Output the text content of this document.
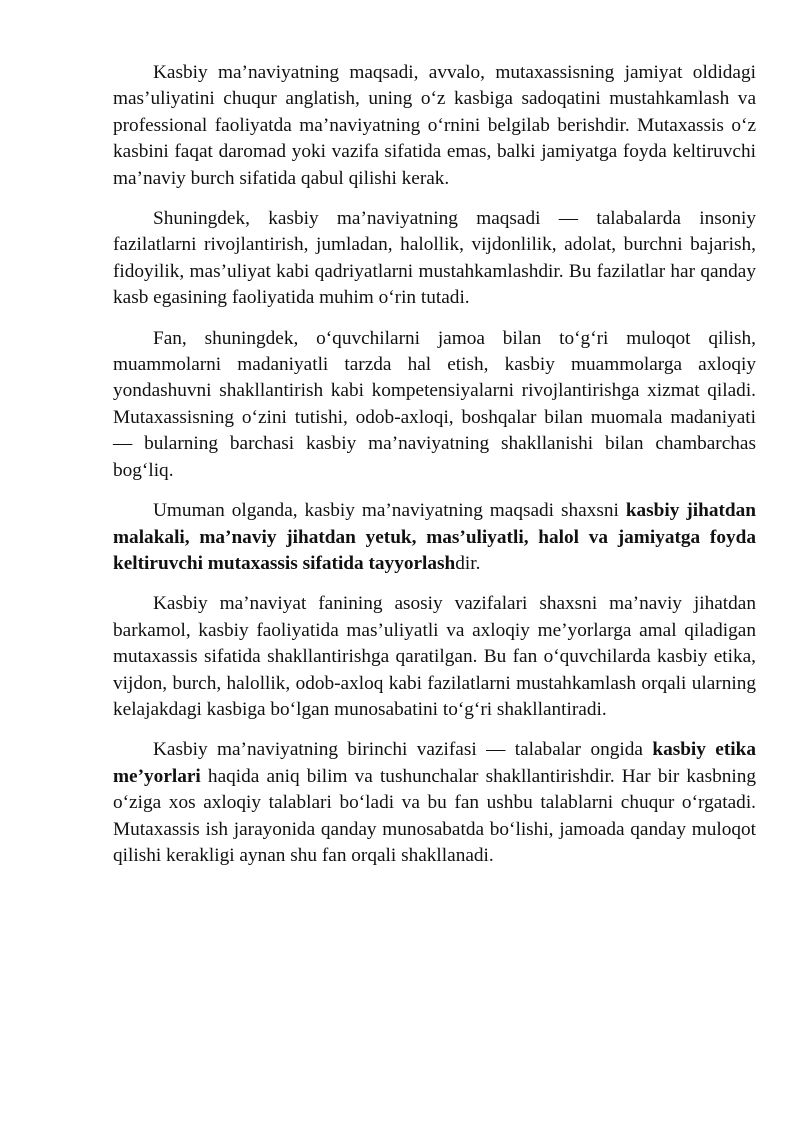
Kasbiy ma’naviyatning maqsadi, avvalo, mutaxassisning jamiyat oldidagi mas’uliyatini chuqur anglatish, uning o‘z kasbiga sadoqatini mustahkamlash va professional faoliyatda ma’naviyatning o‘rnini belgilab berishdir. Mutaxassis o‘z kasbini faqat daromad yoki vazifa sifatida emas, balki jamiyatga foyda keltiruvchi ma’naviy burch sifatida qabul qilishi kerak.

Shuningdek, kasbiy ma’naviyatning maqsadi — talabalarda insoniy fazilatlarni rivojlantirish, jumladan, halollik, vijdonlilik, adolat, burchni bajarish, fidoyilik, mas’uliyat kabi qadriyatlarni mustahkamlashdir. Bu fazilatlar har qanday kasb egasining faoliyatida muhim o‘rin tutadi.

Fan, shuningdek, o‘quvchilarni jamoa bilan to‘g‘ri muloqot qilish, muammolarni madaniyatli tarzda hal etish, kasbiy muammolarga axloqiy yondashuvni shakllantirish kabi kompetensiyalarni rivojlantirishga xizmat qiladi. Mutaxassisning o‘zini tutishi, odob-axloqi, boshqalar bilan muomala madaniyati — bularning barchasi kasbiy ma’naviyatning shakllanishi bilan chambarchas bog‘liq.

Umuman olganda, kasbiy ma’naviyatning maqsadi shaxsni kasbiy jihatdan malakali, ma’naviy jihatdan yetuk, mas’uliyatli, halol va jamiyatga foyda keltiruvchi mutaxassis sifatida tayyorlashdir.

Kasbiy ma’naviyat fanining asosiy vazifalari shaxsni ma’naviy jihatdan barkamol, kasbiy faoliyatida mas’uliyatli va axloqiy me’yorlarga amal qiladigan mutaxassis sifatida shakllantirishga qaratilgan. Bu fan o‘quvchilarda kasbiy etika, vijdon, burch, halollik, odob-axloq kabi fazilatlarni mustahkamlash orqali ularning kelajakdagi kasbiga bo‘lgan munosabatini to‘g‘ri shakllantiradi.

Kasbiy ma’naviyatning birinchi vazifasi — talabalar ongida kasbiy etika me’yorlari haqida aniq bilim va tushunchalar shakllantirishdir. Har bir kasbning o‘ziga xos axloqiy talablari bo‘ladi va bu fan ushbu talablarni chuqur o‘rgatadi. Mutaxassis ish jarayonida qanday munosabatda bo‘lishi, jamoada qanday muloqot qilishi kerakligi aynan shu fan orqali shakllanadi.
